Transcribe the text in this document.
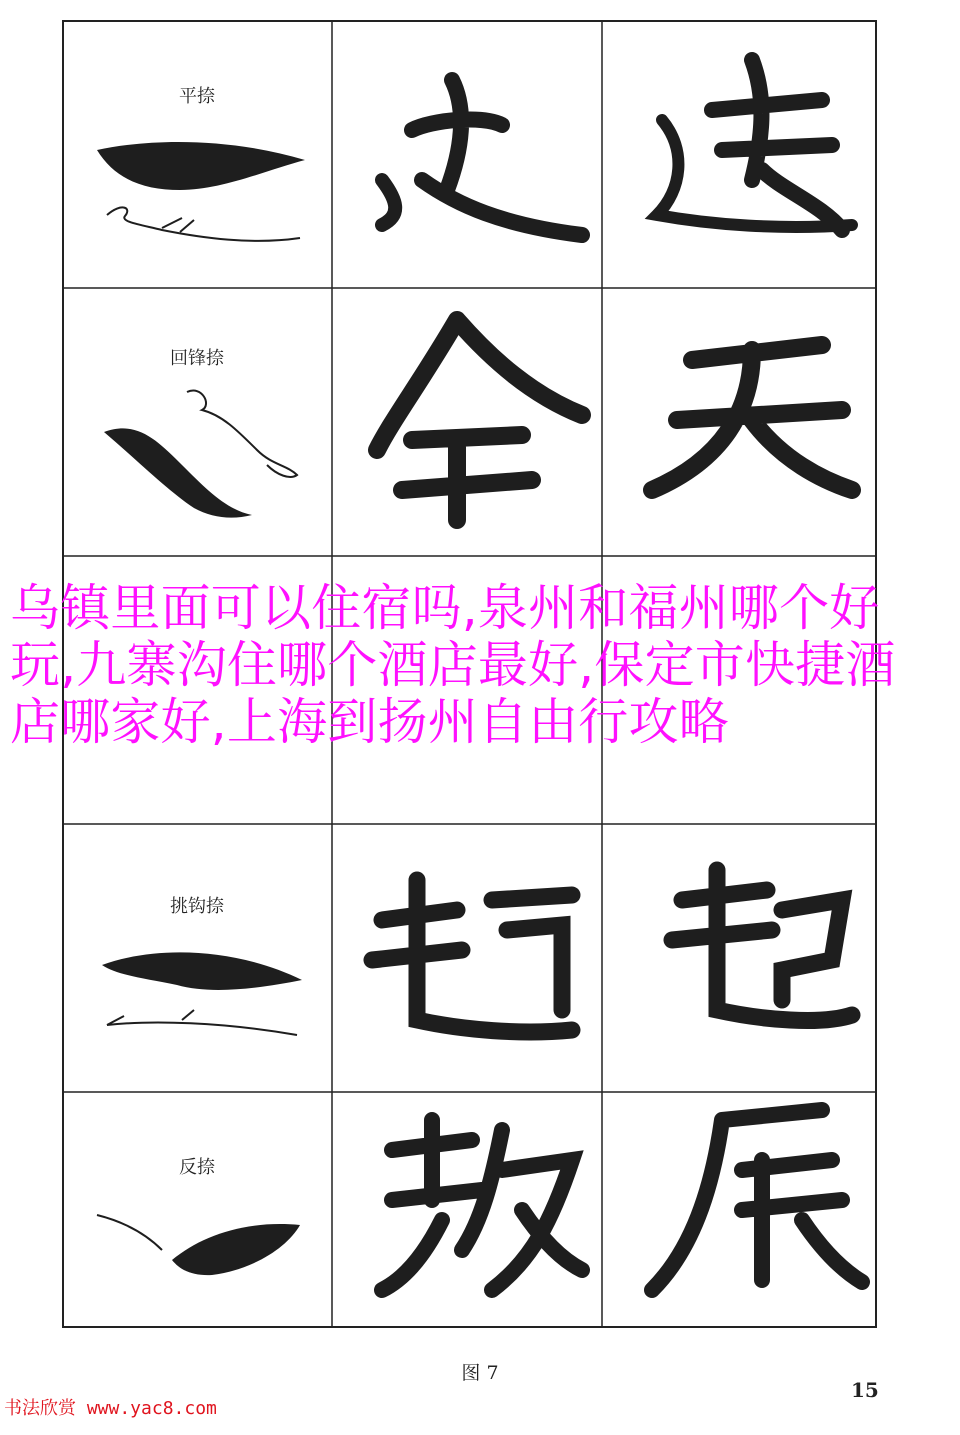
平捺
回锋捺
挑钩捺
反捺
乌镇里面可以住宿吗,泉州和福州哪个好玩,九寨沟住哪个酒店最好,保定市快捷酒店哪家好,上海到扬州自由行攻略
图 7
15
书法欣赏 www.yac8.com
